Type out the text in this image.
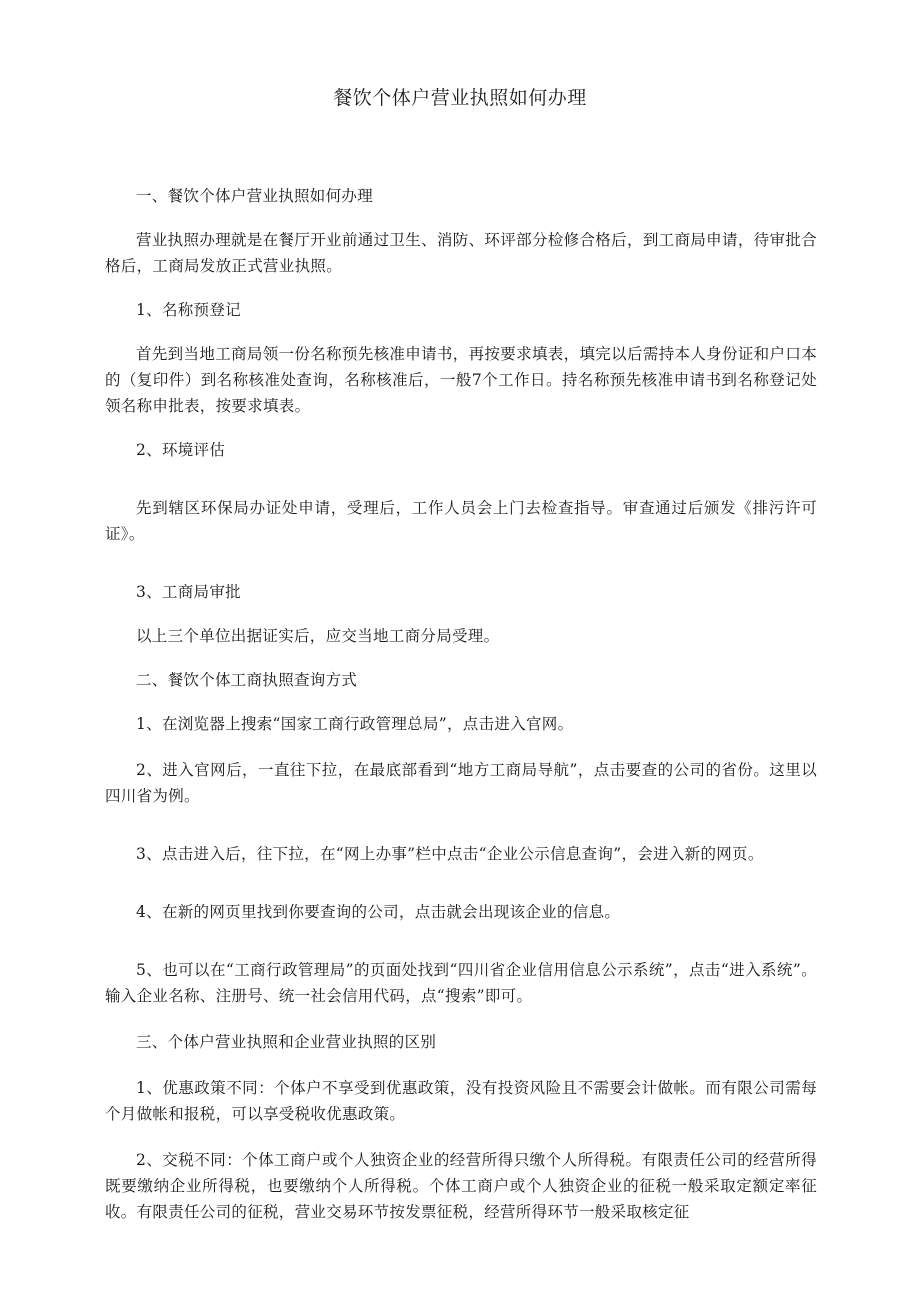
餐饮个体户营业执照如何办理

一、餐饮个体户营业执照如何办理

营业执照办理就是在餐厅开业前通过卫生、消防、环评部分检修合格后，到工商局申请，待审批合格后，工商局发放正式营业执照。

1、名称预登记

首先到当地工商局领一份名称预先核准申请书，再按要求填表，填完以后需持本人身份证和户口本的（复印件）到名称核准处查询，名称核准后，一般7个工作日。持名称预先核准申请书到名称登记处领名称申批表，按要求填表。

2、环境评估

先到辖区环保局办证处申请，受理后，工作人员会上门去检查指导。审查通过后颁发《排污许可证》。

3、工商局审批

以上三个单位出据证实后，应交当地工商分局受理。

二、餐饮个体工商执照查询方式

1、在浏览器上搜索“国家工商行政管理总局”，点击进入官网。

2、进入官网后，一直往下拉，在最底部看到“地方工商局导航”，点击要查的公司的省份。这里以四川省为例。

3、点击进入后，往下拉，在“网上办事”栏中点击“企业公示信息查询”，会进入新的网页。

4、在新的网页里找到你要查询的公司，点击就会出现该企业的信息。

5、也可以在“工商行政管理局”的页面处找到“四川省企业信用信息公示系统”，点击“进入系统”。输入企业名称、注册号、统一社会信用代码，点“搜索”即可。

三、个体户营业执照和企业营业执照的区别

1、优惠政策不同：个体户不享受到优惠政策，没有投资风险且不需要会计做帐。而有限公司需每个月做帐和报税，可以享受税收优惠政策。

2、交税不同：个体工商户或个人独资企业的经营所得只缴个人所得税。有限责任公司的经营所得既要缴纳企业所得税，也要缴纳个人所得税。个体工商户或个人独资企业的征税一般采取定额定率征收。有限责任公司的征税，营业交易环节按发票征税，经营所得环节一般采取核定征
